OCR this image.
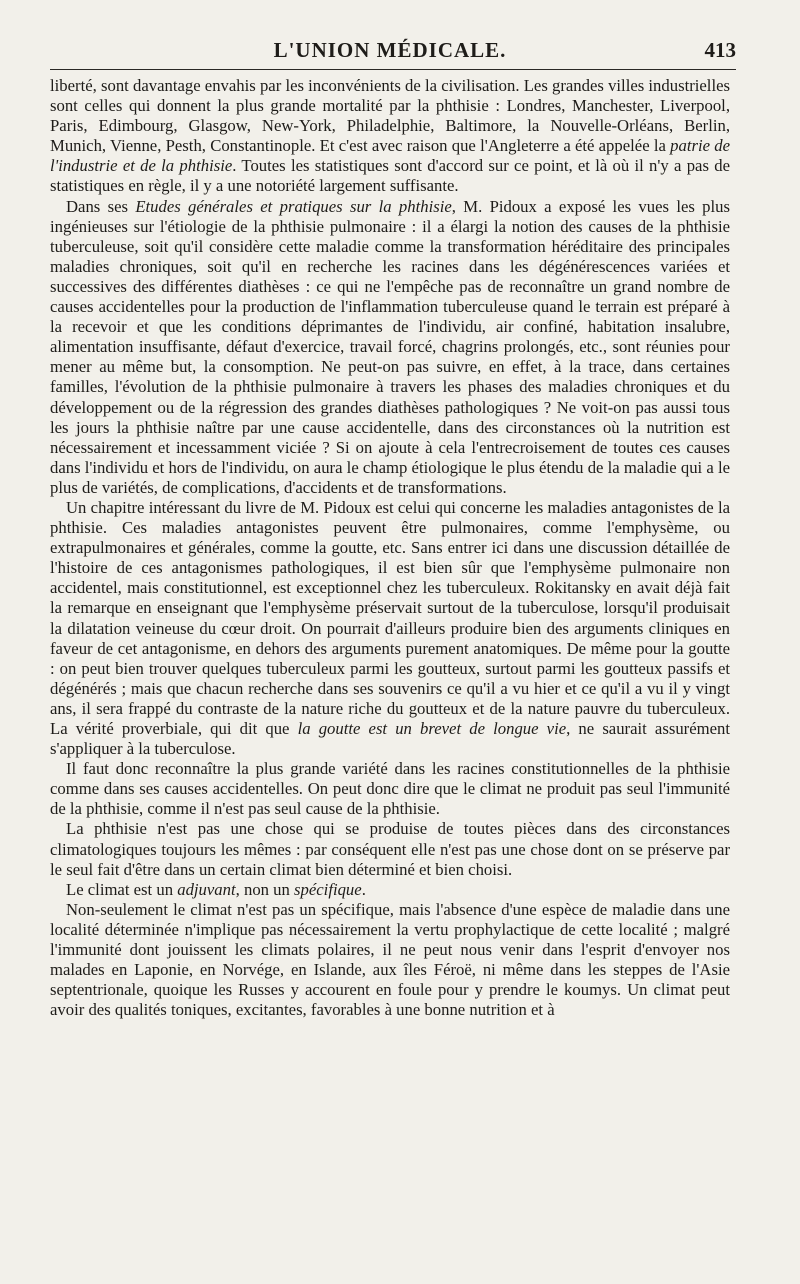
L'UNION MÉDICALE.	413

liberté, sont davantage envahis par les inconvénients de la civilisation. Les grandes villes industrielles sont celles qui donnent la plus grande mortalité par la phthisie : Londres, Manchester, Liverpool, Paris, Edimbourg, Glasgow, New-York, Philadelphie, Baltimore, la Nouvelle-Orléans, Berlin, Munich, Vienne, Pesth, Constantinople. Et c'est avec raison que l'Angleterre a été appelée la patrie de l'industrie et de la phthisie. Toutes les statistiques sont d'accord sur ce point, et là où il n'y a pas de statistiques en règle, il y a une notoriété largement suffisante.

Dans ses Etudes générales et pratiques sur la phthisie, M. Pidoux a exposé les vues les plus ingénieuses sur l'étiologie de la phthisie pulmonaire : il a élargi la notion des causes de la phthisie tuberculeuse, soit qu'il considère cette maladie comme la transformation héréditaire des principales maladies chroniques, soit qu'il en recherche les racines dans les dégénérescences variées et successives des différentes diathèses : ce qui ne l'empêche pas de reconnaître un grand nombre de causes accidentelles pour la production de l'inflammation tuberculeuse quand le terrain est préparé à la recevoir et que les conditions déprimantes de l'individu, air confiné, habitation insalubre, alimentation insuffisante, défaut d'exercice, travail forcé, chagrins prolongés, etc., sont réunies pour mener au même but, la consomption. Ne peut-on pas suivre, en effet, à la trace, dans certaines familles, l'évolution de la phthisie pulmonaire à travers les phases des maladies chroniques et du développement ou de la régression des grandes diathèses pathologiques ? Ne voit-on pas aussi tous les jours la phthisie naître par une cause accidentelle, dans des circonstances où la nutrition est nécessairement et incessamment viciée ? Si on ajoute à cela l'entrecroisement de toutes ces causes dans l'individu et hors de l'individu, on aura le champ étiologique le plus étendu de la maladie qui a le plus de variétés, de complications, d'accidents et de transformations.

Un chapitre intéressant du livre de M. Pidoux est celui qui concerne les maladies antagonistes de la phthisie. Ces maladies antagonistes peuvent être pulmonaires, comme l'emphysème, ou extrapulmonaires et générales, comme la goutte, etc. Sans entrer ici dans une discussion détaillée de l'histoire de ces antagonismes pathologiques, il est bien sûr que l'emphysème pulmonaire non accidentel, mais constitutionnel, est exceptionnel chez les tuberculeux. Rokitansky en avait déjà fait la remarque en enseignant que l'emphysème préservait surtout de la tuberculose, lorsqu'il produisait la dilatation veineuse du cœur droit. On pourrait d'ailleurs produire bien des arguments cliniques en faveur de cet antagonisme, en dehors des arguments purement anatomiques. De même pour la goutte : on peut bien trouver quelques tuberculeux parmi les goutteux, surtout parmi les goutteux passifs et dégénérés ; mais que chacun recherche dans ses souvenirs ce qu'il a vu hier et ce qu'il a vu il y vingt ans, il sera frappé du contraste de la nature riche du goutteux et de la nature pauvre du tuberculeux. La vérité proverbiale, qui dit que la goutte est un brevet de longue vie, ne saurait assurément s'appliquer à la tuberculose.

Il faut donc reconnaître la plus grande variété dans les racines constitutionnelles de la phthisie comme dans ses causes accidentelles. On peut donc dire que le climat ne produit pas seul l'immunité de la phthisie, comme il n'est pas seul cause de la phthisie.

La phthisie n'est pas une chose qui se produise de toutes pièces dans des circonstances climatologiques toujours les mêmes : par conséquent elle n'est pas une chose dont on se préserve par le seul fait d'être dans un certain climat bien déterminé et bien choisi.

Le climat est un adjuvant, non un spécifique.

Non-seulement le climat n'est pas un spécifique, mais l'absence d'une espèce de maladie dans une localité déterminée n'implique pas nécessairement la vertu prophylactique de cette localité ; malgré l'immunité dont jouissent les climats polaires, il ne peut nous venir dans l'esprit d'envoyer nos malades en Laponie, en Norvége, en Islande, aux îles Féroë, ni même dans les steppes de l'Asie septentrionale, quoique les Russes y accourent en foule pour y prendre le koumys. Un climat peut avoir des qualités toniques, excitantes, favorables à une bonne nutrition et à
